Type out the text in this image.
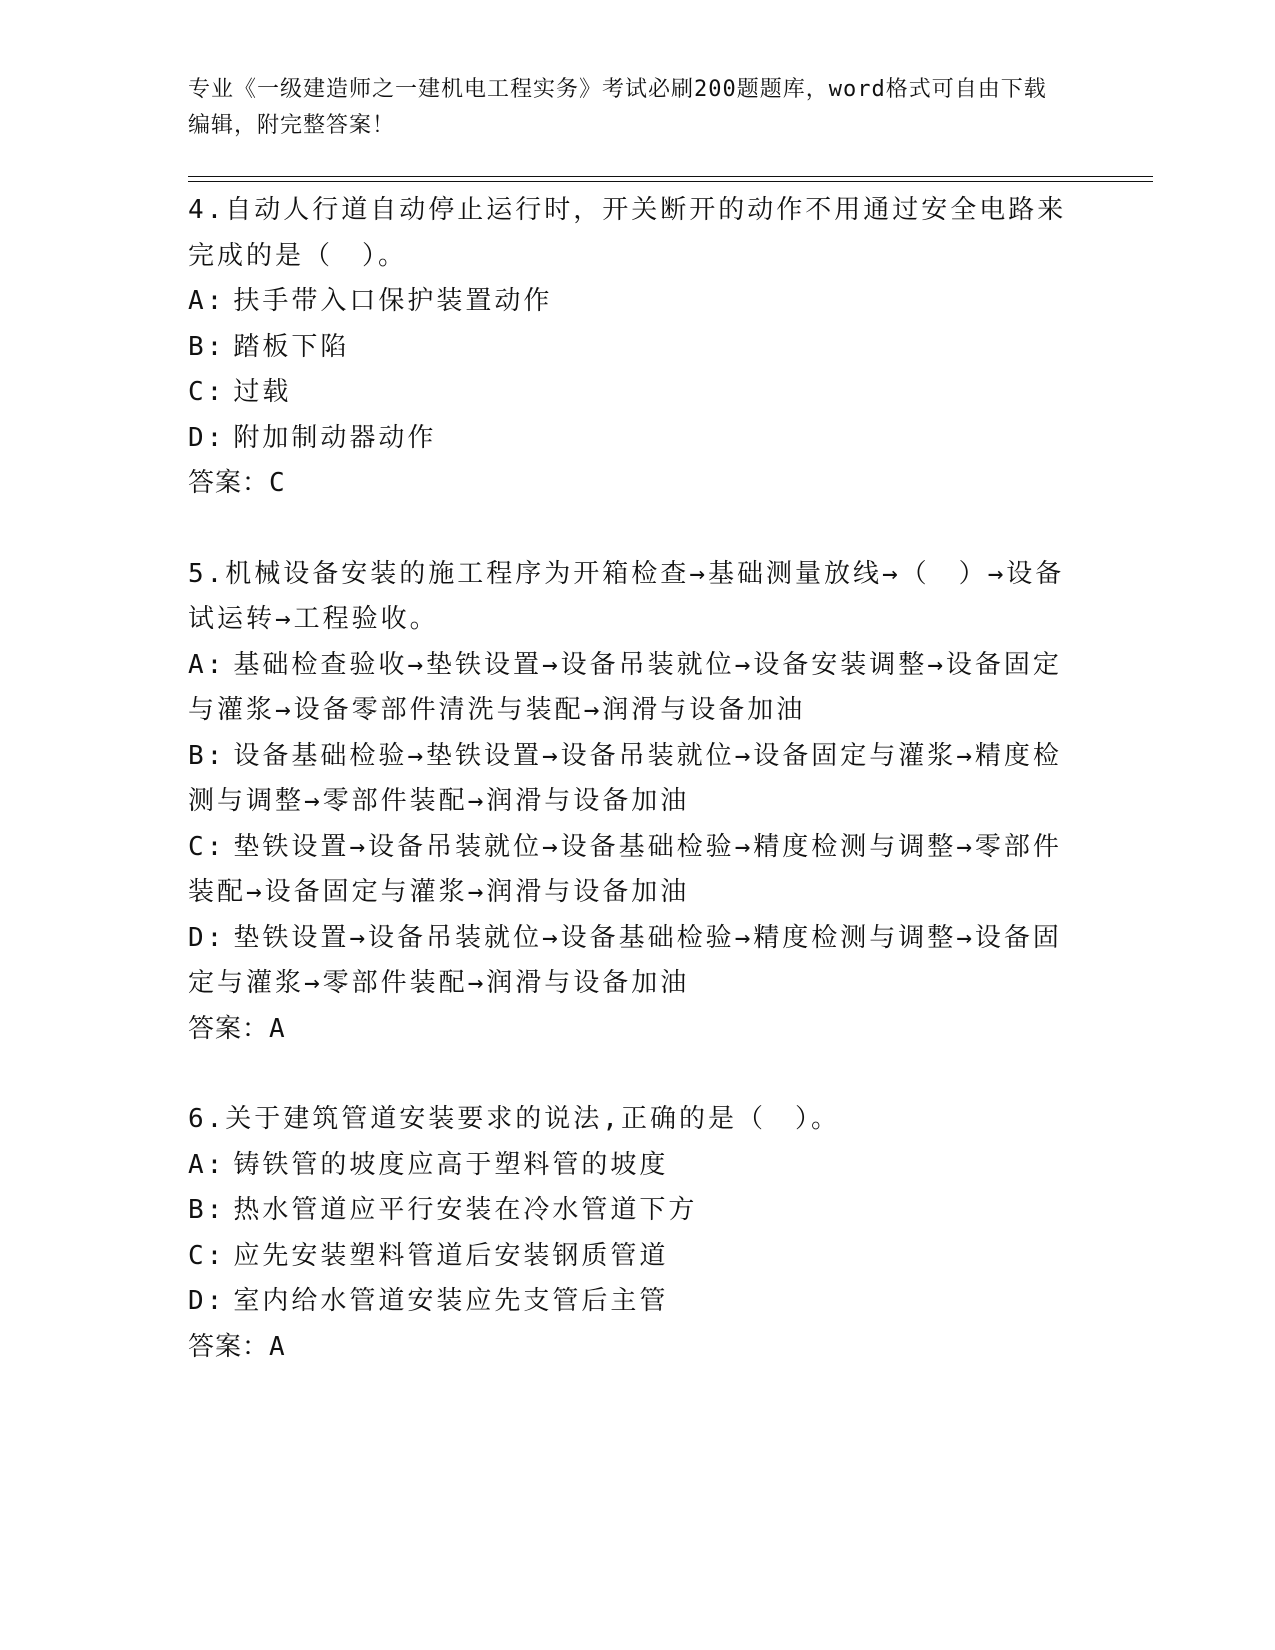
专业《一级建造师之一建机电工程实务》考试必刷200题题库，word格式可自由下载编辑，附完整答案！

4.自动人行道自动停止运行时，开关断开的动作不用通过安全电路来完成的是（　）。

A: 扶手带入口保护装置动作

B: 踏板下陷

C: 过载

D: 附加制动器动作

答案：C

5.机械设备安装的施工程序为开箱检查→基础测量放线→（　）→设备试运转→工程验收。

A: 基础检查验收→垫铁设置→设备吊装就位→设备安装调整→设备固定与灌浆→设备零部件清洗与装配→润滑与设备加油

B: 设备基础检验→垫铁设置→设备吊装就位→设备固定与灌浆→精度检测与调整→零部件装配→润滑与设备加油

C: 垫铁设置→设备吊装就位→设备基础检验→精度检测与调整→零部件装配→设备固定与灌浆→润滑与设备加油

D: 垫铁设置→设备吊装就位→设备基础检验→精度检测与调整→设备固定与灌浆→零部件装配→润滑与设备加油

答案：A

6.关于建筑管道安装要求的说法,正确的是（　）。

A: 铸铁管的坡度应高于塑料管的坡度

B: 热水管道应平行安装在冷水管道下方

C: 应先安装塑料管道后安装钢质管道

D: 室内给水管道安装应先支管后主管

答案：A
